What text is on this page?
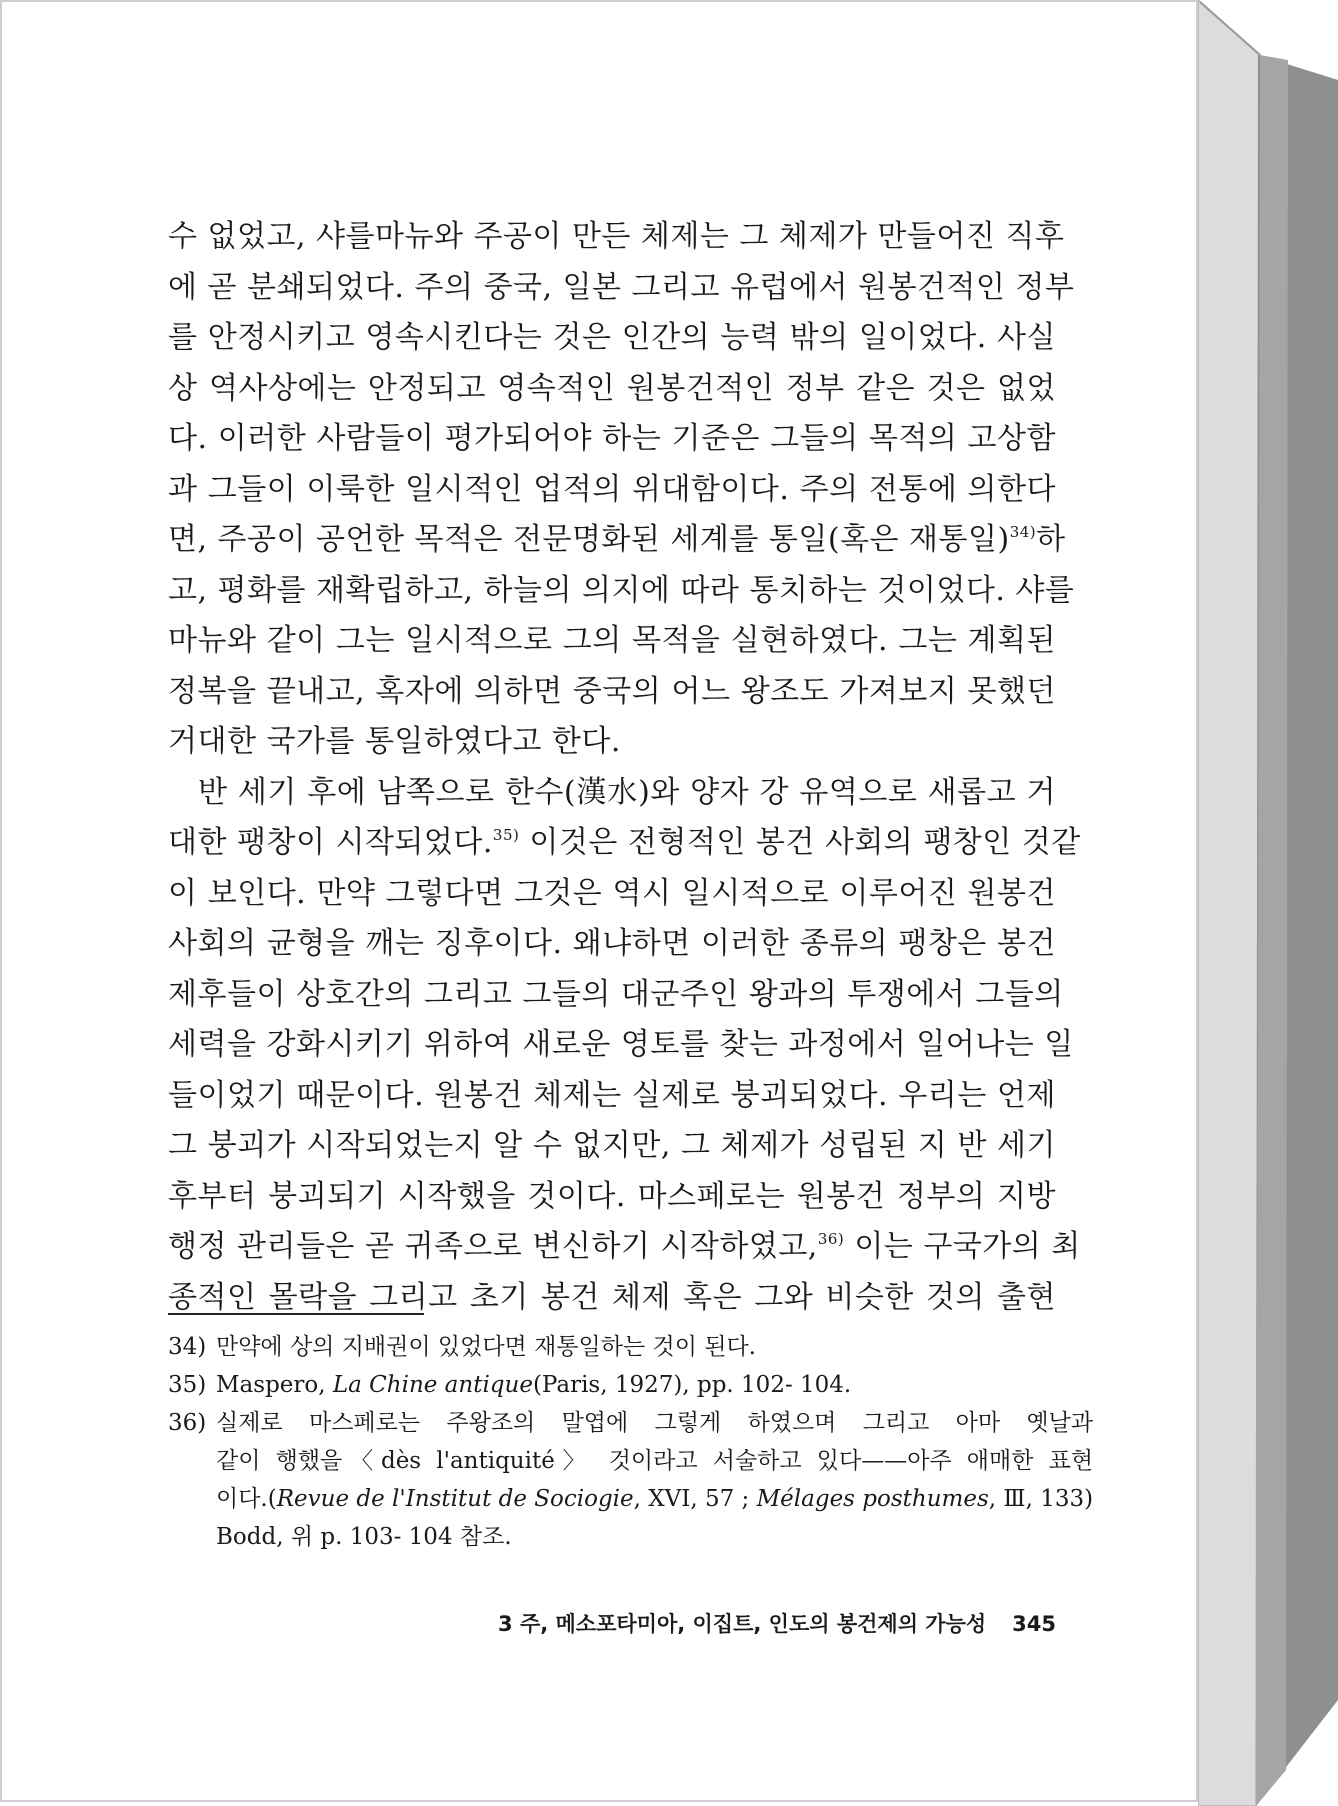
수 없었고, 샤를마뉴와 주공이 만든 체제는 그 체제가 만들어진 직후
에 곧 분쇄되었다. 주의 중국, 일본 그리고 유럽에서 원봉건적인 정부
를 안정시키고 영속시킨다는 것은 인간의 능력 밖의 일이었다. 사실
상 역사상에는 안정되고 영속적인 원봉건적인 정부 같은 것은 없었
다. 이러한 사람들이 평가되어야 하는 기준은 그들의 목적의 고상함
과 그들이 이룩한 일시적인 업적의 위대함이다. 주의 전통에 의한다
면, 주공이 공언한 목적은 전문명화된 세계를 통일(혹은 재통일)$^{34)}$하
고, 평화를 재확립하고, 하늘의 의지에 따라 통치하는 것이었다. 샤를
마뉴와 같이 그는 일시적으로 그의 목적을 실현하였다. 그는 계획된
정복을 끝내고, 혹자에 의하면 중국의 어느 왕조도 가져보지 못했던
거대한 국가를 통일하였다고 한다.
반 세기 후에 남쪽으로 한수(漢水)와 양자 강 유역으로 새롭고 거
대한 팽창이 시작되었다.$^{35)}$ 이것은 전형적인 봉건 사회의 팽창인 것같
이 보인다. 만약 그렇다면 그것은 역시 일시적으로 이루어진 원봉건
사회의 균형을 깨는 징후이다. 왜냐하면 이러한 종류의 팽창은 봉건
제후들이 상호간의 그리고 그들의 대군주인 왕과의 투쟁에서 그들의
세력을 강화시키기 위하여 새로운 영토를 찾는 과정에서 일어나는 일
들이었기 때문이다. 원봉건 체제는 실제로 붕괴되었다. 우리는 언제
그 붕괴가 시작되었는지 알 수 없지만, 그 체제가 성립된 지 반 세기
후부터 붕괴되기 시작했을 것이다. 마스페로는 원봉건 정부의 지방
행정 관리들은 곧 귀족으로 변신하기 시작하였고,$^{36)}$ 이는 구국가의 최
종적인 몰락을 그리고 초기 봉건 체제 혹은 그와 비슷한 것의 출현
34) 만약에 상의 지배권이 있었다면 재통일하는 것이 된다.
35) Maspero, La Chine antique(Paris, 1927), pp. 102- 104.
36) 실제로 마스페로는 주왕조의 말엽에 그렇게 하였으며 그리고 아마 옛날과
같이 행했을〈dès l'antiquité〉 것이라고 서술하고 있다——아주 애매한 표현
이다.(Revue de l'Institut de Sociogie, XVI, 57 ; Mélages posthumes, Ⅲ, 133)
Bodd, 위 p. 103- 104 참조.
3 주, 메소포타미아, 이집트, 인도의 봉건제의 가능성 345
